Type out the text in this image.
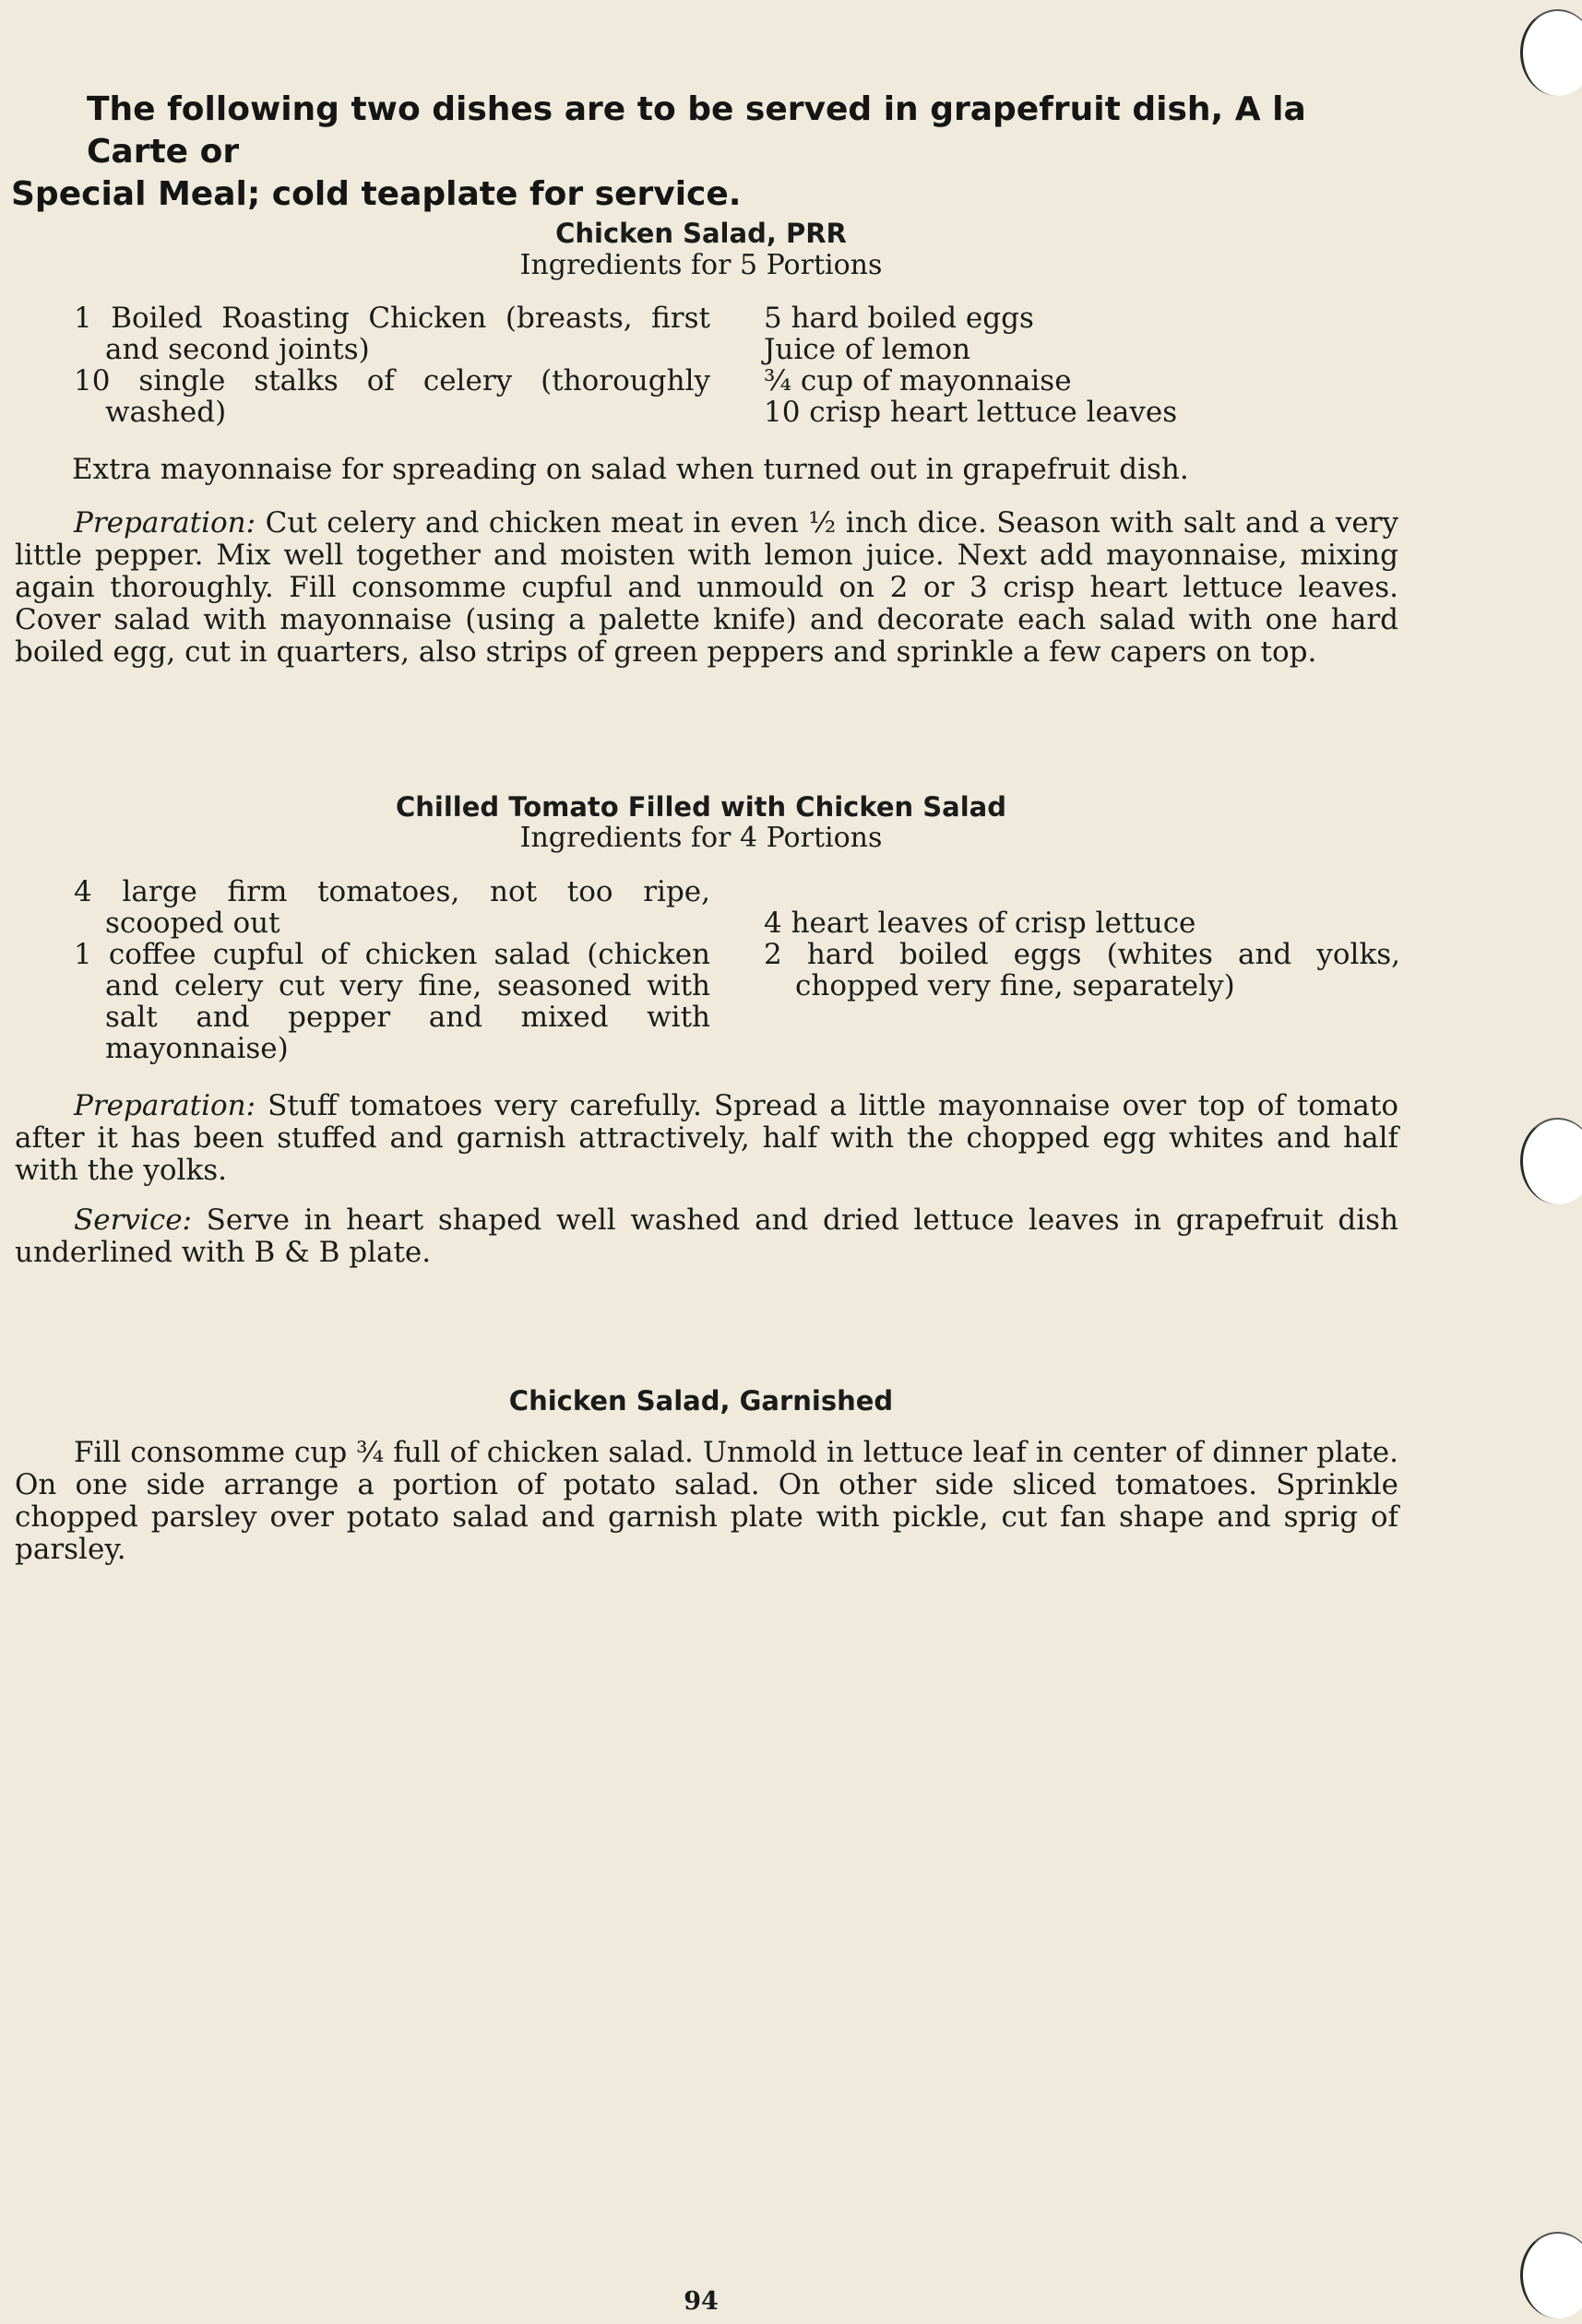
The following two dishes are to be served in grapefruit dish, A la Carte or
Special Meal; cold teaplate for service.
Chicken Salad, PRR
Ingredients for 5 Portions

1 Boiled Roasting Chicken (breasts, first and second joints)

10 single stalks of celery (thoroughly washed)

5 hard boiled eggs

Juice of lemon

¾ cup of mayonnaise

10 crisp heart lettuce leaves

Extra mayonnaise for spreading on salad when turned out in grapefruit dish.
Preparation: Cut celery and chicken meat in even ½ inch dice. Season with salt and a very little pepper. Mix well together and moisten with lemon juice. Next add mayonnaise, mixing again thoroughly. Fill consomme cupful and unmould on 2 or 3 crisp heart lettuce leaves. Cover salad with mayonnaise (using a palette knife) and decorate each salad with one hard boiled egg, cut in quarters, also strips of green peppers and sprinkle a few capers on top.
Chilled Tomato Filled with Chicken Salad
Ingredients for 4 Portions

4 large firm tomatoes, not too ripe, scooped out

1 coffee cupful of chicken salad (chicken and celery cut very fine, seasoned with salt and pepper and mixed with mayonnaise)

4 heart leaves of crisp lettuce

2 hard boiled eggs (whites and yolks, chopped very fine, separately)

Preparation: Stuff tomatoes very carefully. Spread a little mayonnaise over top of tomato after it has been stuffed and garnish attractively, half with the chopped egg whites and half with the yolks.
Service: Serve in heart shaped well washed and dried lettuce leaves in grapefruit dish underlined with B & B plate.
Chicken Salad, Garnished
Fill consomme cup ¾ full of chicken salad. Unmold in lettuce leaf in center of dinner plate. On one side arrange a portion of potato salad. On other side sliced tomatoes. Sprinkle chopped parsley over potato salad and garnish plate with pickle, cut fan shape and sprig of parsley.
94
